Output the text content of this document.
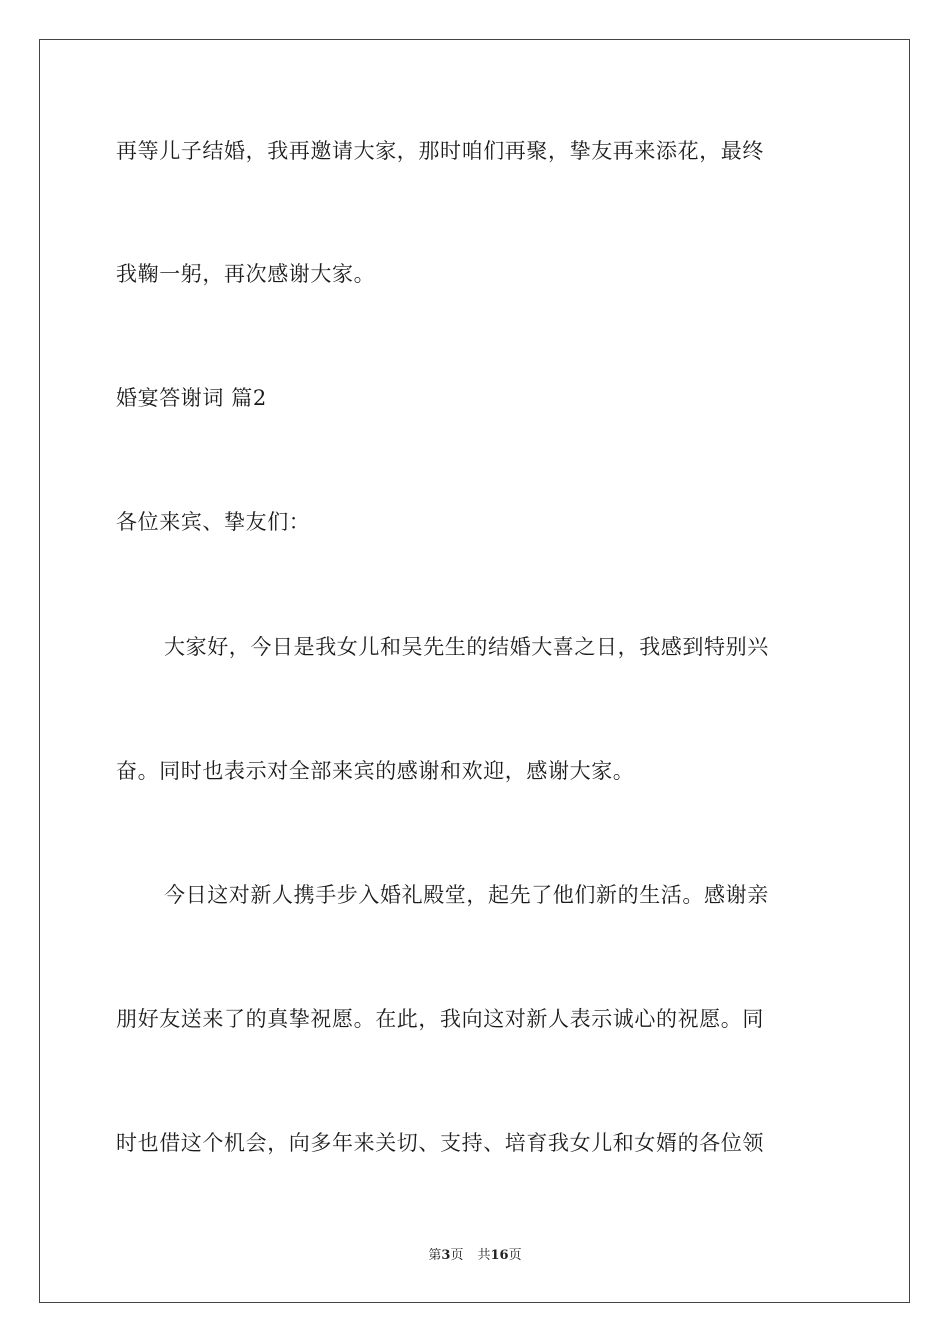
再等儿子结婚，我再邀请大家，那时咱们再聚，挚友再来添花，最终

我鞠一躬，再次感谢大家。

婚宴答谢词 篇2

各位来宾、挚友们：

大家好，今日是我女儿和吴先生的结婚大喜之日，我感到特别兴

奋。同时也表示对全部来宾的感谢和欢迎，感谢大家。

今日这对新人携手步入婚礼殿堂，起先了他们新的生活。感谢亲

朋好友送来了的真挚祝愿。在此，我向这对新人表示诚心的祝愿。同

时也借这个机会，向多年来关切、支持、培育我女儿和女婿的各位领

第3页 共16页
